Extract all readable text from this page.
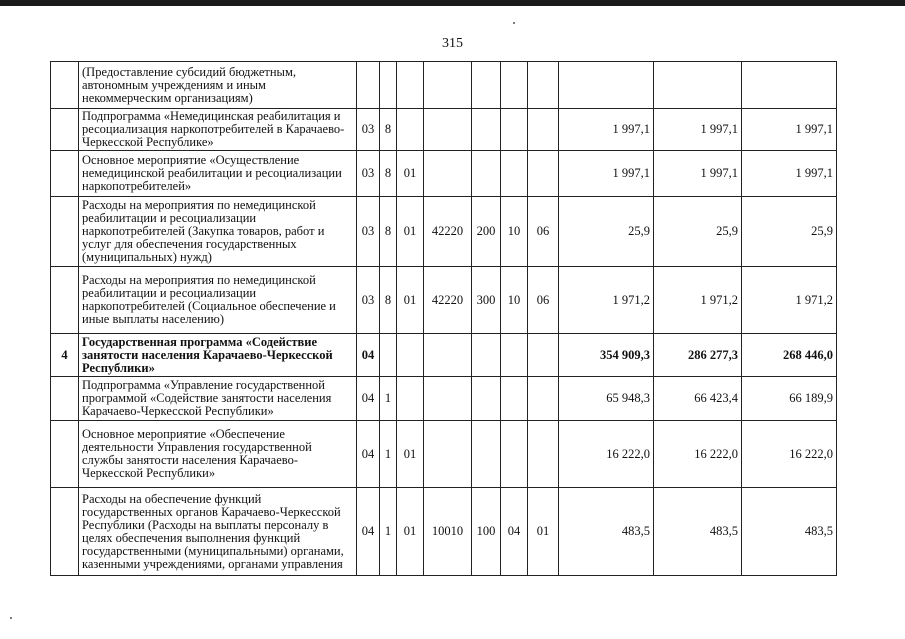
315
	(Предоставление субсидий бюджетным, автономным учреждениям и иным некоммерческим организациям)										
	Подпрограмма «Немедицинская реабилитация и ресоциализация наркопотребителей в Карачаево-Черкесской Республике»	03	8						1 997,1	1 997,1	1 997,1
	Основное мероприятие «Осуществление немедицинской реабилитации и ресоциализации наркопотребителей»	03	8	01					1 997,1	1 997,1	1 997,1
	Расходы на мероприятия по немедицинской реабилитации и ресоциализации наркопотребителей (Закупка товаров, работ и услуг для обеспечения государственных (муниципальных) нужд)	03	8	01	42220	200	10	06	25,9	25,9	25,9
	Расходы на мероприятия по немедицинской реабилитации и ресоциализации наркопотребителей (Социальное обеспечение и иные выплаты населению)	03	8	01	42220	300	10	06	1 971,2	1 971,2	1 971,2
4	Государственная программа «Содействие занятости населения Карачаево-Черкесской Республики»	04							354 909,3	286 277,3	268 446,0
	Подпрограмма «Управление государственной программой «Содействие занятости населения Карачаево-Черкесской Республики»	04	1						65 948,3	66 423,4	66 189,9
	Основное мероприятие «Обеспечение деятельности Управления государственной службы занятости населения Карачаево-Черкесской Республики»	04	1	01					16 222,0	16 222,0	16 222,0
	Расходы на обеспечение функций государственных органов Карачаево-Черкесской Республики (Расходы на выплаты персоналу в целях обеспечения выполнения функций государственными (муниципальными) органами, казенными учреждениями, органами управления	04	1	01	10010	100	04	01	483,5	483,5	483,5
